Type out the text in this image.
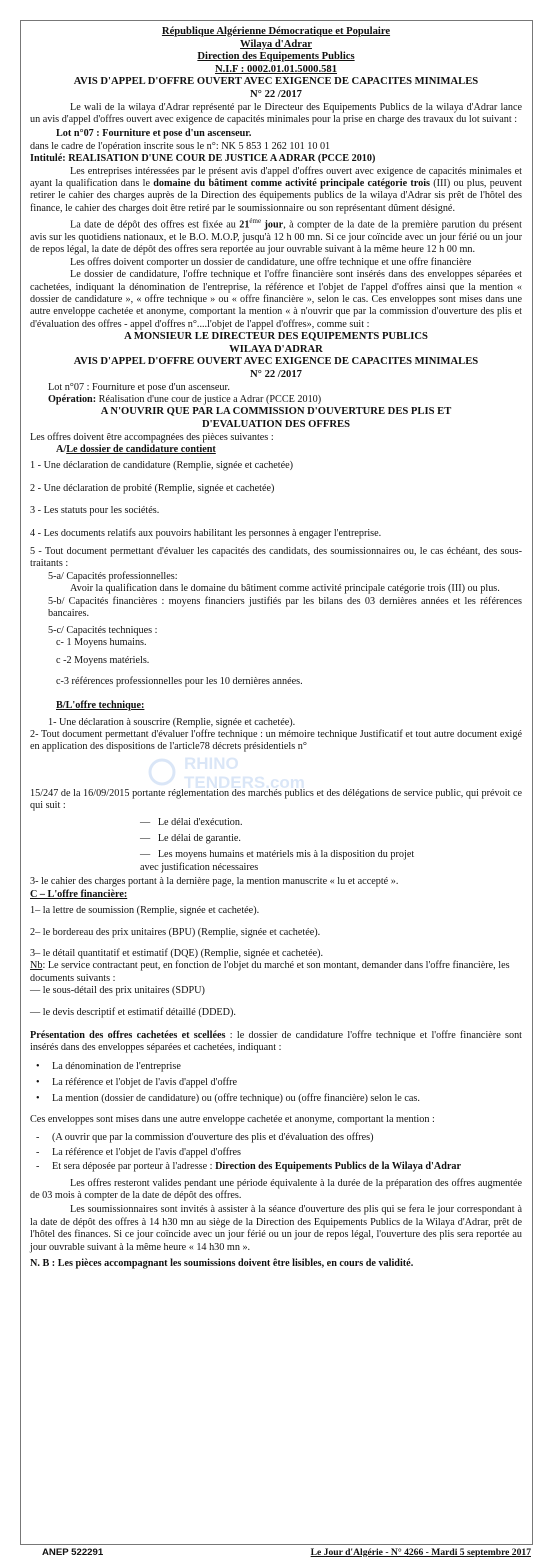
RHINO
TENDERS.com

République Algérienne Démocratique et Populaire

Wilaya d'Adrar

Direction des Equipements Publics

N.I.F : 0002.01.01.5000.581

AVIS D'APPEL D'OFFRE OUVERT AVEC EXIGENCE DE CAPACITES MINIMALES

N° 22 /2017

Le wali de la wilaya d'Adrar représenté par le Directeur des Equipements Publics de la wilaya d'Adrar lance un avis d'appel d'offres ouvert avec exigence de capacités minimales pour la prise en charge des travaux du lot suivant :

Lot n°07 : Fourniture et pose d'un ascenseur.

dans le cadre de l'opération inscrite sous le n°: NK 5 853 1 262 101 10 01

Intitulé: REALISATION D'UNE COUR DE JUSTICE A ADRAR (PCCE 2010)

Les entreprises intéressées par le présent avis d'appel d'offres ouvert avec exigence de capacités minimales et ayant la qualification dans le domaine du bâtiment comme activité principale catégorie trois (III) ou plus, peuvent retirer le cahier des charges auprès de la Direction des équipements publics de la wilaya d'Adrar sis prêt de l'hôtel des finance, le cahier des charges doit être retiré par le soumissionnaire ou son représentant dûment désigné.

La date de dépôt des offres est fixée au $21^{éme}$ jour, à compter de la date de la première parution du présent avis sur les quotidiens nationaux, et le B.O. M.O.P, jusqu'à 12 h 00 mn. Si ce jour coïncide avec un jour férié ou un jour de repos légal, la date de dépôt des offres sera reportée au jour ouvrable suivant à la même heure 12 h 00 mn.

Les offres doivent comporter un dossier de candidature, une offre technique et une offre financière

Le dossier de candidature, l'offre technique et l'offre financière sont insérés dans des enveloppes séparées et cachetées, indiquant la dénomination de l'entreprise, la référence et l'objet de l'appel d'offres ainsi que la mention « dossier de candidature », « offre technique » ou « offre financière », selon le cas. Ces enveloppes sont mises dans une autre enveloppe cachetée et anonyme, comportant la mention « à n'ouvrir que par la commission d'ouverture des plis et d'évaluation des offres - appel d'offres n°....l'objet de l'appel d'offres», comme suit :

A MONSIEUR LE DIRECTEUR DES EQUIPEMENTS PUBLICS

WILAYA D'ADRAR

AVIS D'APPEL D'OFFRE OUVERT AVEC EXIGENCE DE CAPACITES MINIMALES

N° 22 /2017

Lot n°07 : Fourniture et pose d'un ascenseur.

Opération: Réalisation d'une cour de justice a Adrar (PCCE 2010)

A N'OUVRIR QUE PAR LA COMMISSION D'OUVERTURE DES PLIS ET

D'EVALUATION DES OFFRES

Les offres doivent être accompagnées des pièces suivantes :

A/Le dossier de candidature contient

1 - Une déclaration de candidature (Remplie, signée et cachetée)

2 - Une déclaration de probité (Remplie, signée et cachetée)

3 - Les statuts pour les sociétés.

4 - Les documents relatifs aux pouvoirs habilitant les personnes à engager l'entreprise.

5 - Tout document permettant d'évaluer les capacités des candidats, des soumissionnaires ou, le cas échéant, des sous-traitants :

5-a/ Capacités professionnelles:

Avoir la qualification dans le domaine du bâtiment comme activité principale catégorie trois (III) ou plus.

5-b/ Capacités financières : moyens financiers justifiés par les bilans des 03 dernières années et les références bancaires.

5-c/ Capacités techniques :

c- 1 Moyens humains.

c -2 Moyens matériels.

c-3 références professionnelles pour les 10 dernières années.

B/L'offre technique:

1- Une déclaration à souscrire (Remplie, signée et cachetée).

2- Tout document permettant d'évaluer l'offre technique : un mémoire technique Justificatif et tout autre document exigé en application des dispositions de l'article78 décrets présidentiels n°

15/247 de la 16/09/2015 portante réglementation des marchés publics et des délégations de service public, qui prévoit ce qui suit :

—   Le délai d'exécution.

—   Le délai de garantie.

—   Les moyens humains et matériels mis à la disposition du projet

avec justification nécessaires

3- le cahier des charges portant à la dernière page, la mention manuscrite « lu et accepté ».

C – L'offre financière:

1– la lettre de soumission (Remplie, signée et cachetée).

2– le bordereau des prix unitaires (BPU) (Remplie, signée et cachetée).

3– le détail quantitatif et estimatif (DQE) (Remplie, signée et cachetée).

Nb: Le service contractant peut, en fonction de l'objet du marché et son montant, demander dans l'offre financière, les documents suivants :

— le sous-détail des prix unitaires (SDPU)

— le devis descriptif et estimatif détaillé (DDED).

Présentation des offres cachetées et scellées : le dossier de candidature l'offre technique et l'offre financière sont insérés dans des enveloppes séparées et cachetées, indiquant :

• La dénomination de l'entreprise

• La référence et l'objet de l'avis d'appel d'offre

• La mention (dossier de candidature) ou (offre technique) ou (offre financière) selon le cas.

Ces enveloppes sont mises dans une autre enveloppe cachetée et anonyme, comportant la mention :

- (A ouvrir que par la commission d'ouverture des plis et d'évaluation des offres)

- La référence et l'objet de l'avis d'appel d'offres

- Et sera déposée par porteur à l'adresse : Direction des Equipements Publics de la Wilaya d'Adrar

Les offres resteront valides pendant une période équivalente à la durée de la préparation des offres augmentée de 03 mois à compter de la date de dépôt des offres.

Les soumissionnaires sont invités à assister à la séance d'ouverture des plis qui se fera le jour correspondant à la date de dépôt des offres à 14 h30 mn au siège de la Direction des Equipements Publics de la Wilaya d'Adrar, prêt de l'hôtel des finances. Si ce jour coïncide avec un jour férié ou un jour de repos légal, l'ouverture des plis sera reportée au jour ouvrable suivant à la même heure « 14 h30 mn ».

N. B : Les pièces accompagnant les soumissions doivent être lisibles, en cours de validité.

ANEP 522291	Le Jour d'Algérie - N° 4266 - Mardi 5 septembre 2017
